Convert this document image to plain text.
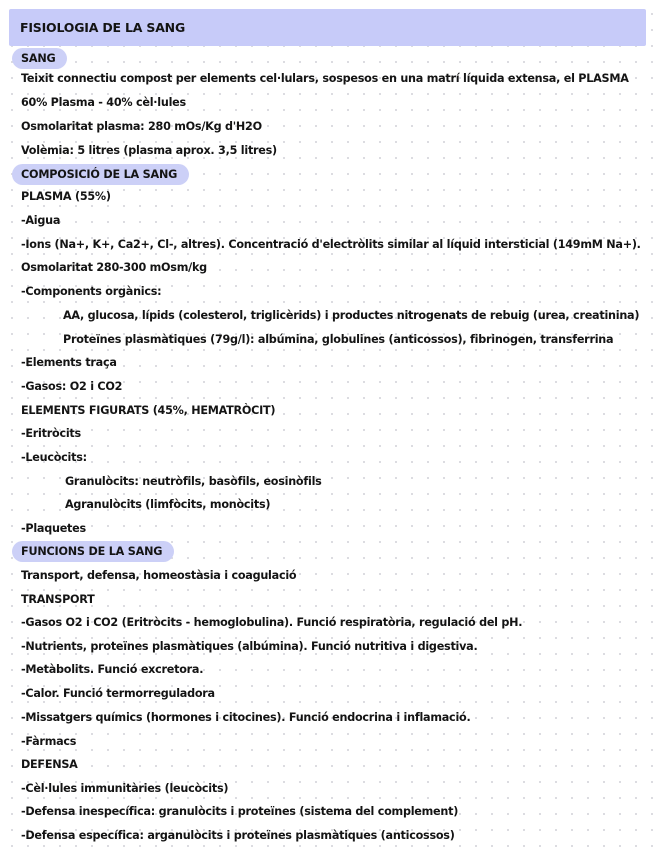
FISIOLOGIA DE LA SANG
SANG
Teixit connectiu compost per elements cel·lulars, sospesos en una matrí líquida extensa, el PLASMA
60% Plasma - 40% cèl·lules
Osmolaritat plasma: 280 mOs/Kg d'H2O
Volèmia: 5 litres (plasma aprox. 3,5 litres)
COMPOSICIÓ DE LA SANG
PLASMA (55%)
-Aigua
-Ions (Na+, K+, Ca2+, Cl-, altres). Concentració d'electròlits similar al líquid intersticial (149mM Na+).
Osmolaritat 280-300 mOsm/kg
-Components orgànics:
AA, glucosa, lípids (colesterol, triglicèrids) i productes nitrogenats de rebuig (urea, creatinina)
Proteïnes plasmàtiques (79g/l): albúmina, globulines (anticossos), fibrinogen, transferrina
-Elements traça
-Gasos: O2 i CO2
ELEMENTS FIGURATS (45%, HEMATRÒCIT)
-Eritròcits
-Leucòcits:
Granulòcits: neutròfils, basòfils, eosinòfils
Agranulòcits (limfòcits, monòcits)
-Plaquetes
FUNCIONS DE LA SANG
Transport, defensa, homeostàsia i coagulació
TRANSPORT
-Gasos O2 i CO2 (Eritròcits - hemoglobulina). Funció respiratòria, regulació del pH.
-Nutrients, proteïnes plasmàtiques (albúmina). Funció nutritiva i digestiva.
-Metàbolits. Funció excretora.
-Calor. Funció termorreguladora
-Missatgers químics (hormones i citocines). Funció endocrina i inflamació.
-Fàrmacs
DEFENSA
-Cèl·lules immunitàries (leucòcits)
-Defensa inespecífica: granulòcits i proteïnes (sistema del complement)
-Defensa específica: arganulòcits i proteïnes plasmàtiques (anticossos)
